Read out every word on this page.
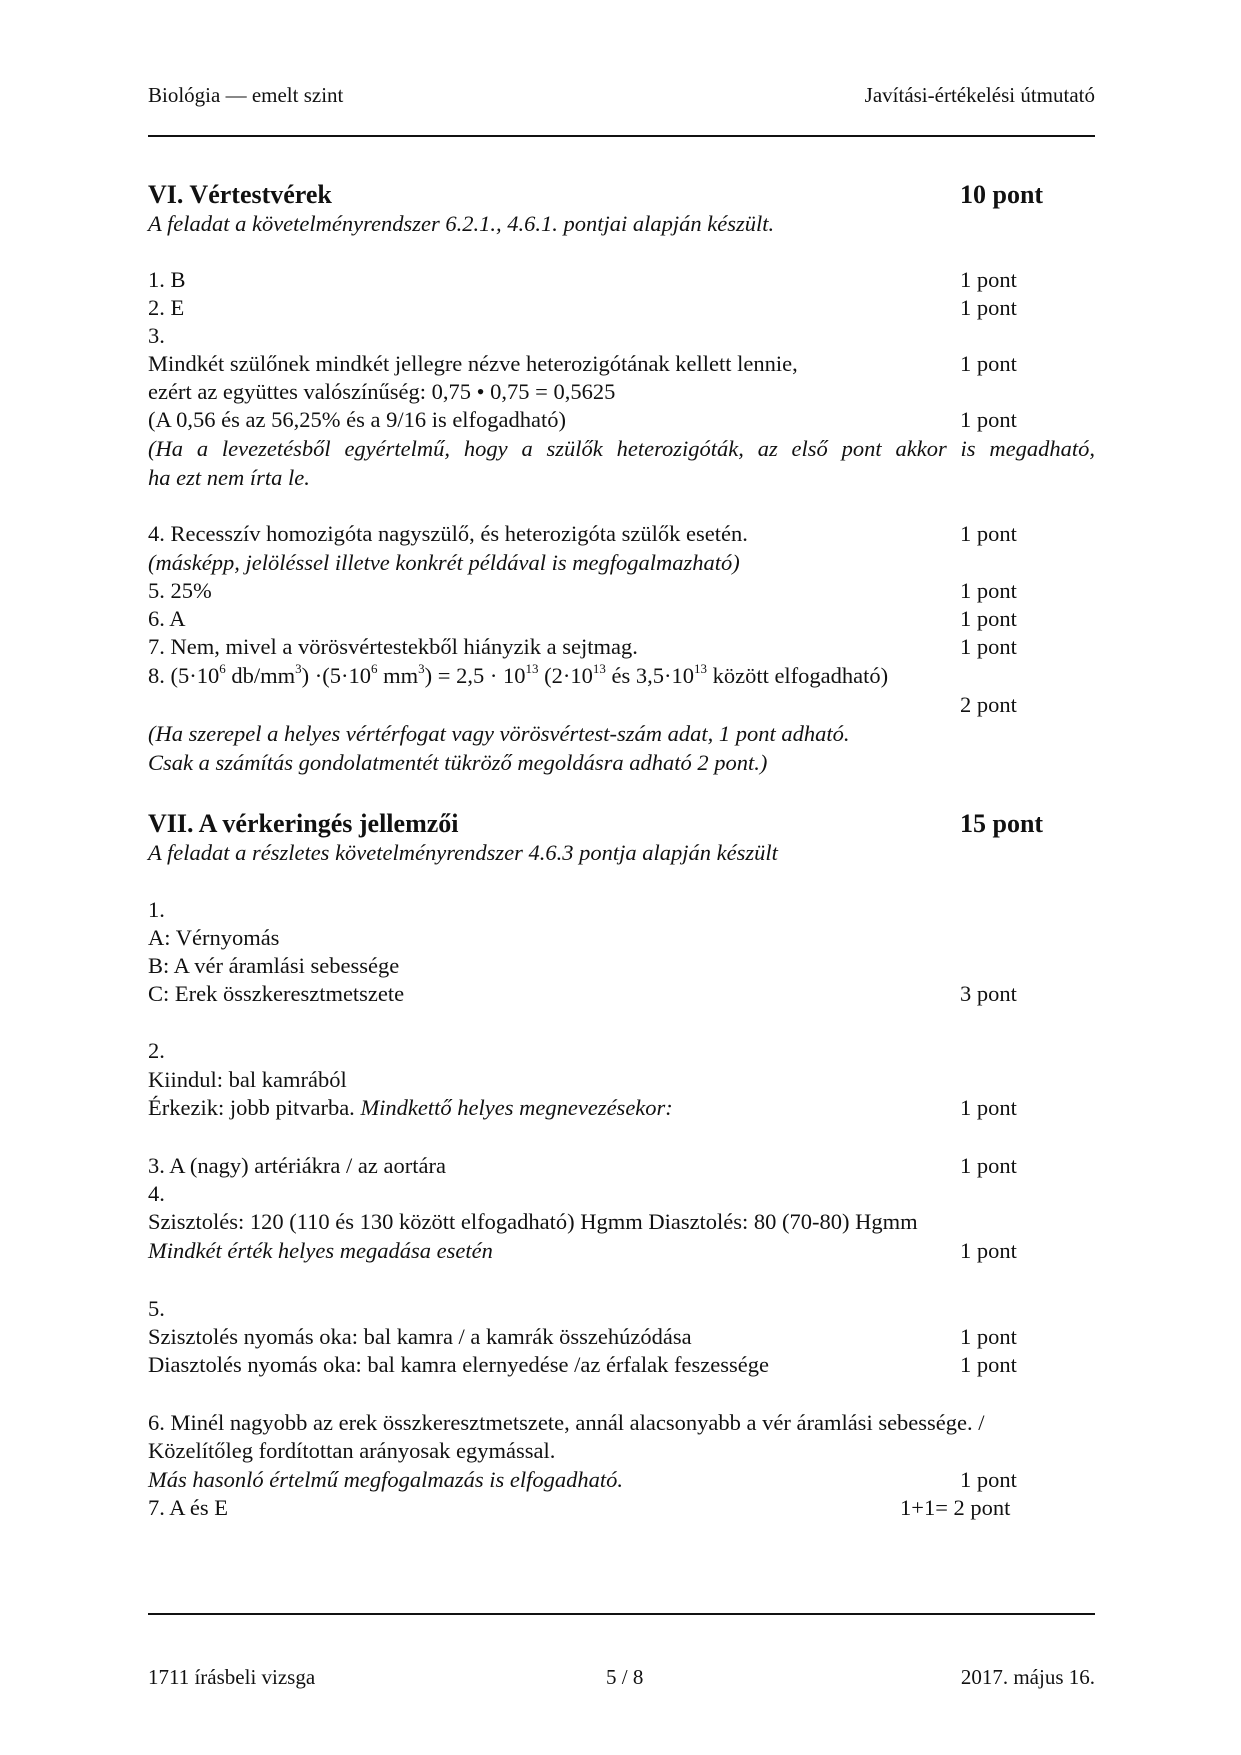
Biológia — emelt szint	Javítási-értékelési útmutató
VI. Vértestvérek	10 pont
A feladat a követelményrendszer 6.2.1., 4.6.1. pontjai alapján készült.
1. B	1 pont
2. E	1 pont
3.
Mindkét szülőnek mindkét jellegre nézve heterozigótának kellett lennie,	1 pont
ezért az együttes valószínűség: 0,75 • 0,75 = 0,5625
(A 0,56 és az 56,25% és a 9/16 is elfogadható)	1 pont
(Ha a levezetésből egyértelmű, hogy a szülők heterozigóták, az első pont akkor is megadható,
ha ezt nem írta le.
4. Recesszív homozigóta nagyszülő, és heterozigóta szülők esetén.	1 pont
(másképp, jelöléssel illetve konkrét példával is megfogalmazható)
5. 25%	1 pont
6. A	1 pont
7. Nem, mivel a vörösvértestekből hiányzik a sejtmag.	1 pont
8. ($5\cdot 10^6$ $db/mm^3) \cdot(5\cdot 10^6$ $mm^3) = 2,5 \cdot 10^{13}$ ($2\cdot 10^{13}$ és $3,5\cdot 10^{13}$ között elfogadható)
2 pont
(Ha szerepel a helyes vértérfogat vagy vörösvértest-szám adat, 1 pont adható.
Csak a számítás gondolatmentét tükröző megoldásra adható 2 pont.)
VII. A vérkeringés jellemzői	15 pont
A feladat a részletes követelményrendszer 4.6.3 pontja alapján készült
1.
A: Vérnyomás
B: A vér áramlási sebessége
C: Erek összkeresztmetszete	3 pont
2.
Kiindul: bal kamrából
Érkezik: jobb pitvarba. Mindkettő helyes megnevezésekor:	1 pont
3. A (nagy) artériákra / az aortára	1 pont
4.
Szisztolés: 120 (110 és 130 között elfogadható) Hgmm Diasztolés: 80 (70-80) Hgmm
Mindkét érték helyes megadása esetén	1 pont
5.
Szisztolés nyomás oka: bal kamra / a kamrák összehúzódása	1 pont
Diasztolés nyomás oka: bal kamra elernyedése /az érfalak feszessége	1 pont
6. Minél nagyobb az erek összkeresztmetszete, annál alacsonyabb a vér áramlási sebessége. /
Közelítőleg fordítottan arányosak egymással.
Más hasonló értelmű megfogalmazás is elfogadható.	1 pont
7. A és E	1+1= 2 pont
1711 írásbeli vizsga	5 / 8	2017. május 16.
